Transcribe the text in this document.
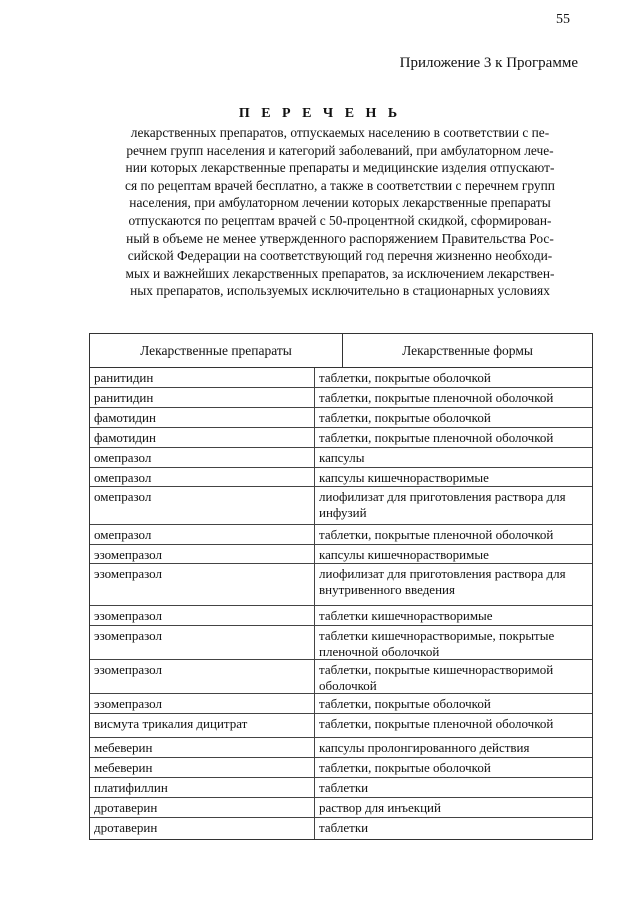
55
Приложение 3 к Программе
П Е Р Е Ч Е Н Ь
лекарственных препаратов, отпускаемых населению в соответствии с пе-
речнем групп населения и категорий заболеваний, при амбулаторном лече-
нии которых лекарственные препараты и медицинские изделия отпускают-
ся по рецептам врачей бесплатно, а также в соответствии с перечнем групп
населения, при амбулаторном лечении которых лекарственные препараты
отпускаются по рецептам врачей с 50-процентной скидкой, сформирован-
ный в объеме не менее утвержденного распоряжением Правительства Рос-
сийской Федерации на соответствующий год перечня жизненно необходи-
мых и важнейших лекарственных препаратов, за исключением лекарствен-
ных препаратов, используемых исключительно в стационарных условиях
Лекарственные препараты	Лекарственные формы
ранитидин	таблетки, покрытые оболочкой
ранитидин	таблетки, покрытые пленочной оболочкой
фамотидин	таблетки, покрытые оболочкой
фамотидин	таблетки, покрытые пленочной оболочкой
омепразол	капсулы
омепразол	капсулы кишечнорастворимые
омепразол	лиофилизат для приготовления раствора для инфузий
омепразол	таблетки, покрытые пленочной оболочкой
эзомепразол	капсулы кишечнорастворимые
эзомепразол	лиофилизат для приготовления раствора для внутривенного введения
эзомепразол	таблетки кишечнорастворимые
эзомепразол	таблетки кишечнорастворимые, покрытые пленочной оболочкой
эзомепразол	таблетки, покрытые кишечнорастворимой оболочкой
эзомепразол	таблетки, покрытые оболочкой
висмута трикалия дицитрат	таблетки, покрытые пленочной оболочкой
мебеверин	капсулы пролонгированного действия
мебеверин	таблетки, покрытые оболочкой
платифиллин	таблетки
дротаверин	раствор для инъекций
дротаверин	таблетки
